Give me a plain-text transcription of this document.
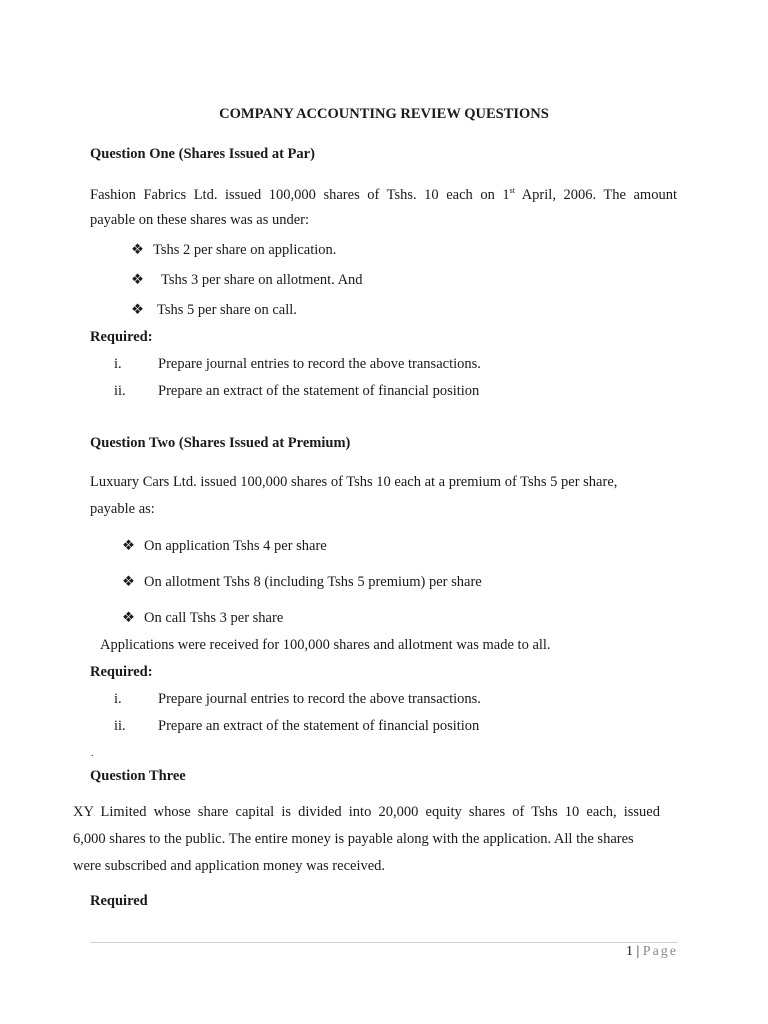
COMPANY ACCOUNTING REVIEW QUESTIONS
Question One (Shares Issued at Par)
Fashion Fabrics Ltd. issued 100,000 shares of Tshs. 10 each on 1st April, 2006. The amount
payable on these shares was as under:
❖ Tshs 2 per share on application.
❖ Tshs 3 per share on allotment. And
❖ Tshs 5 per share on call.
Required:
i.	Prepare journal entries to record the above transactions.
ii. Prepare an extract of the statement of financial position
Question Two (Shares Issued at Premium)
Luxuary Cars Ltd. issued 100,000 shares of Tshs 10 each at a premium of Tshs 5 per share,
payable as:
❖ On application Tshs 4 per share
❖ On allotment Tshs 8 (including Tshs 5 premium) per share
❖ On call Tshs 3 per share
Applications were received for 100,000 shares and allotment was made to all.
Required:
i.	Prepare journal entries to record the above transactions.
ii. Prepare an extract of the statement of financial position
.
Question Three
XY Limited whose share capital is divided into 20,000 equity shares of Tshs 10 each, issued
6,000 shares to the public. The entire money is payable along with the application. All the shares
were subscribed and application money was received.
Required
1 | Page
